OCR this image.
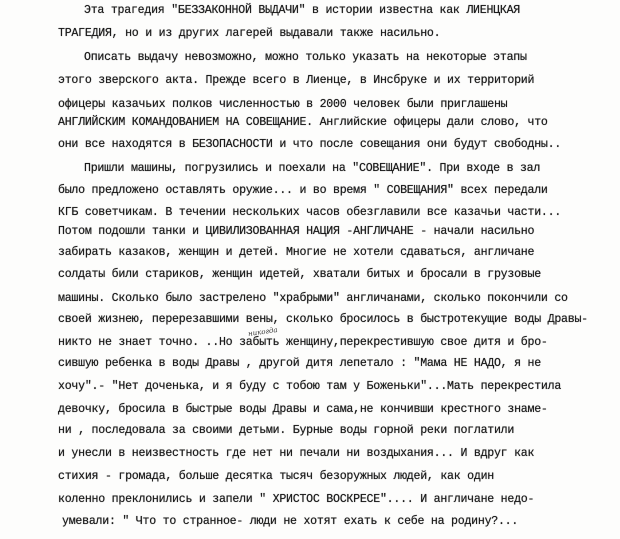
Эта трагедия "БЕЗЗАКОННОЙ ВЫДАЧИ" в истории известна как ЛИЕНЦКАЯ
ТРАГЕДИЯ, но и из других лагерей выдавали также насильно.
Описать выдачу невозможно, можно только указать на некоторые этапы
этого зверского акта. Прежде всего в Лиенце, в Инсбруке и их территорий
офицеры казачьих полков численностью в 2000 человек были приглашены
АНГЛИЙСКИМ КОМАНДОВАНИЕМ НА СОВЕЩАНИЕ. Английские офицеры дали слово, что
они все находятся в БЕЗОПАСНОСТИ и что после совещания они будут свободны..
Пришли машины, погрузились и поехали на "СОВЕЩАНИЕ". При входе в зал
было предложено оставлять оружие... и во время " СОВЕЩАНИЯ" всех передали
КГБ советчикам. В течении нескольких часов обезглавили все казачьи части...
Потом подошли танки и ЦИВИЛИЗОВАННАЯ НАЦИЯ -АНГЛИЧАНЕ - начали насильно
забирать казаков, женщин и детей. Многие не хотели сдаваться, англичане
солдаты били стариков, женщин идетей, хватали битых и бросали в грузовые
машины. Сколько было застрелено "храбрыми" англичанами, сколько покончили со
своей жизнею, перерезавшими вены, сколько бросилось в быстротекущие воды Дравы-
никто не знает точно. ..Но забыть женщину,перекрестившую свое дитя и бро-
сившую ребенка в воды Дравы , другой дитя лепетало : "Мама НЕ НАДО, я не
хочу".- "Нет доченька, и я буду с тобою там у Боженьки"...Мать перекрестила
девочку, бросила в быстрые воды Дравы и сама,не кончивши крестного знаме-
ни , последовала за своими детьми. Бурные воды горной реки поглатили
и унесли в неизвестность где нет ни печали ни воздыхания... И вдруг как
стихия - громада, больше десятка тысяч безоружных людей, как один
коленно преклонились и запели " ХРИСТОС ВОСКРЕСЕ".... И англичане недо-
умевали: " Что то странное- люди не хотят ехать к себе на родину?...
никогда
